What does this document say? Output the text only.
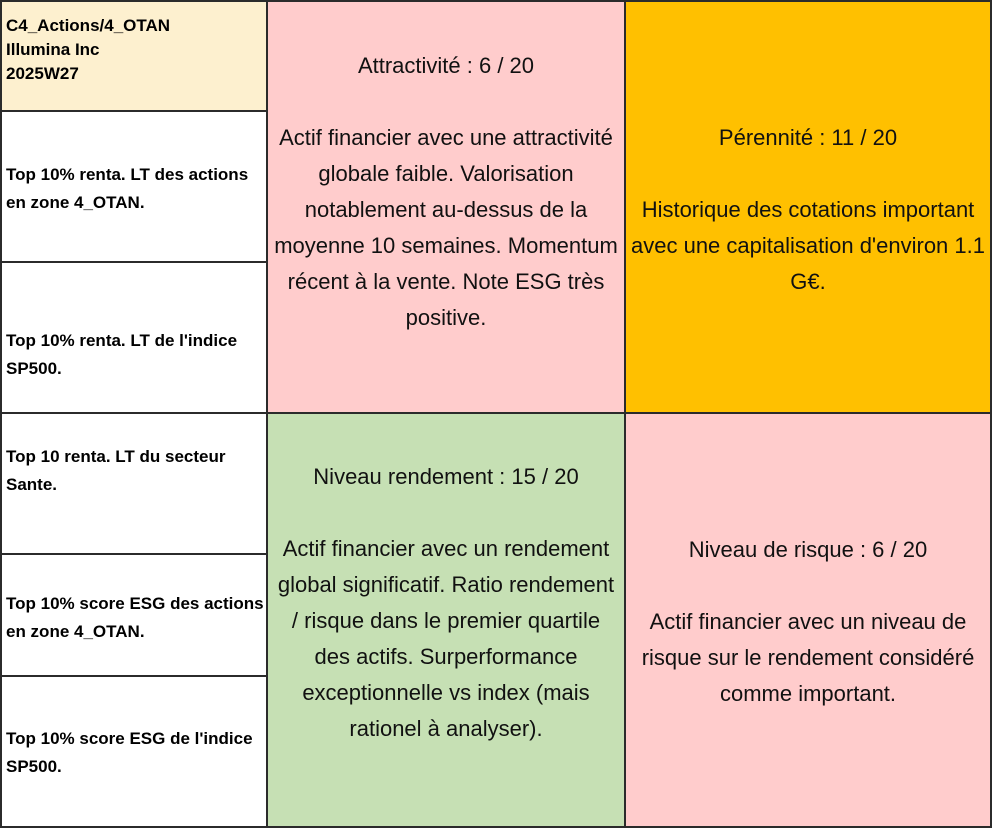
C4_Actions/4_OTAN
Illumina Inc
2025W27
Top 10% renta. LT des actions en zone 4_OTAN.
Top 10% renta. LT de l'indice SP500.
Top 10 renta. LT du secteur Sante.
Top 10% score ESG des actions en zone 4_OTAN.
Top 10% score ESG de l'indice SP500.
Attractivité : 6 / 20
Actif financier avec une attractivité globale faible. Valorisation notablement au-dessus de la moyenne 10 semaines. Momentum récent à la vente. Note ESG très positive.
Pérennité : 11 / 20
Historique des cotations important avec une capitalisation d'environ 1.1 G€.
Niveau rendement : 15 / 20
Actif financier avec un rendement global significatif. Ratio rendement / risque dans le premier quartile des actifs. Surperformance exceptionnelle vs index (mais rationel à analyser).
Niveau de risque : 6 / 20
Actif financier avec un niveau de risque sur le rendement considéré comme important.
